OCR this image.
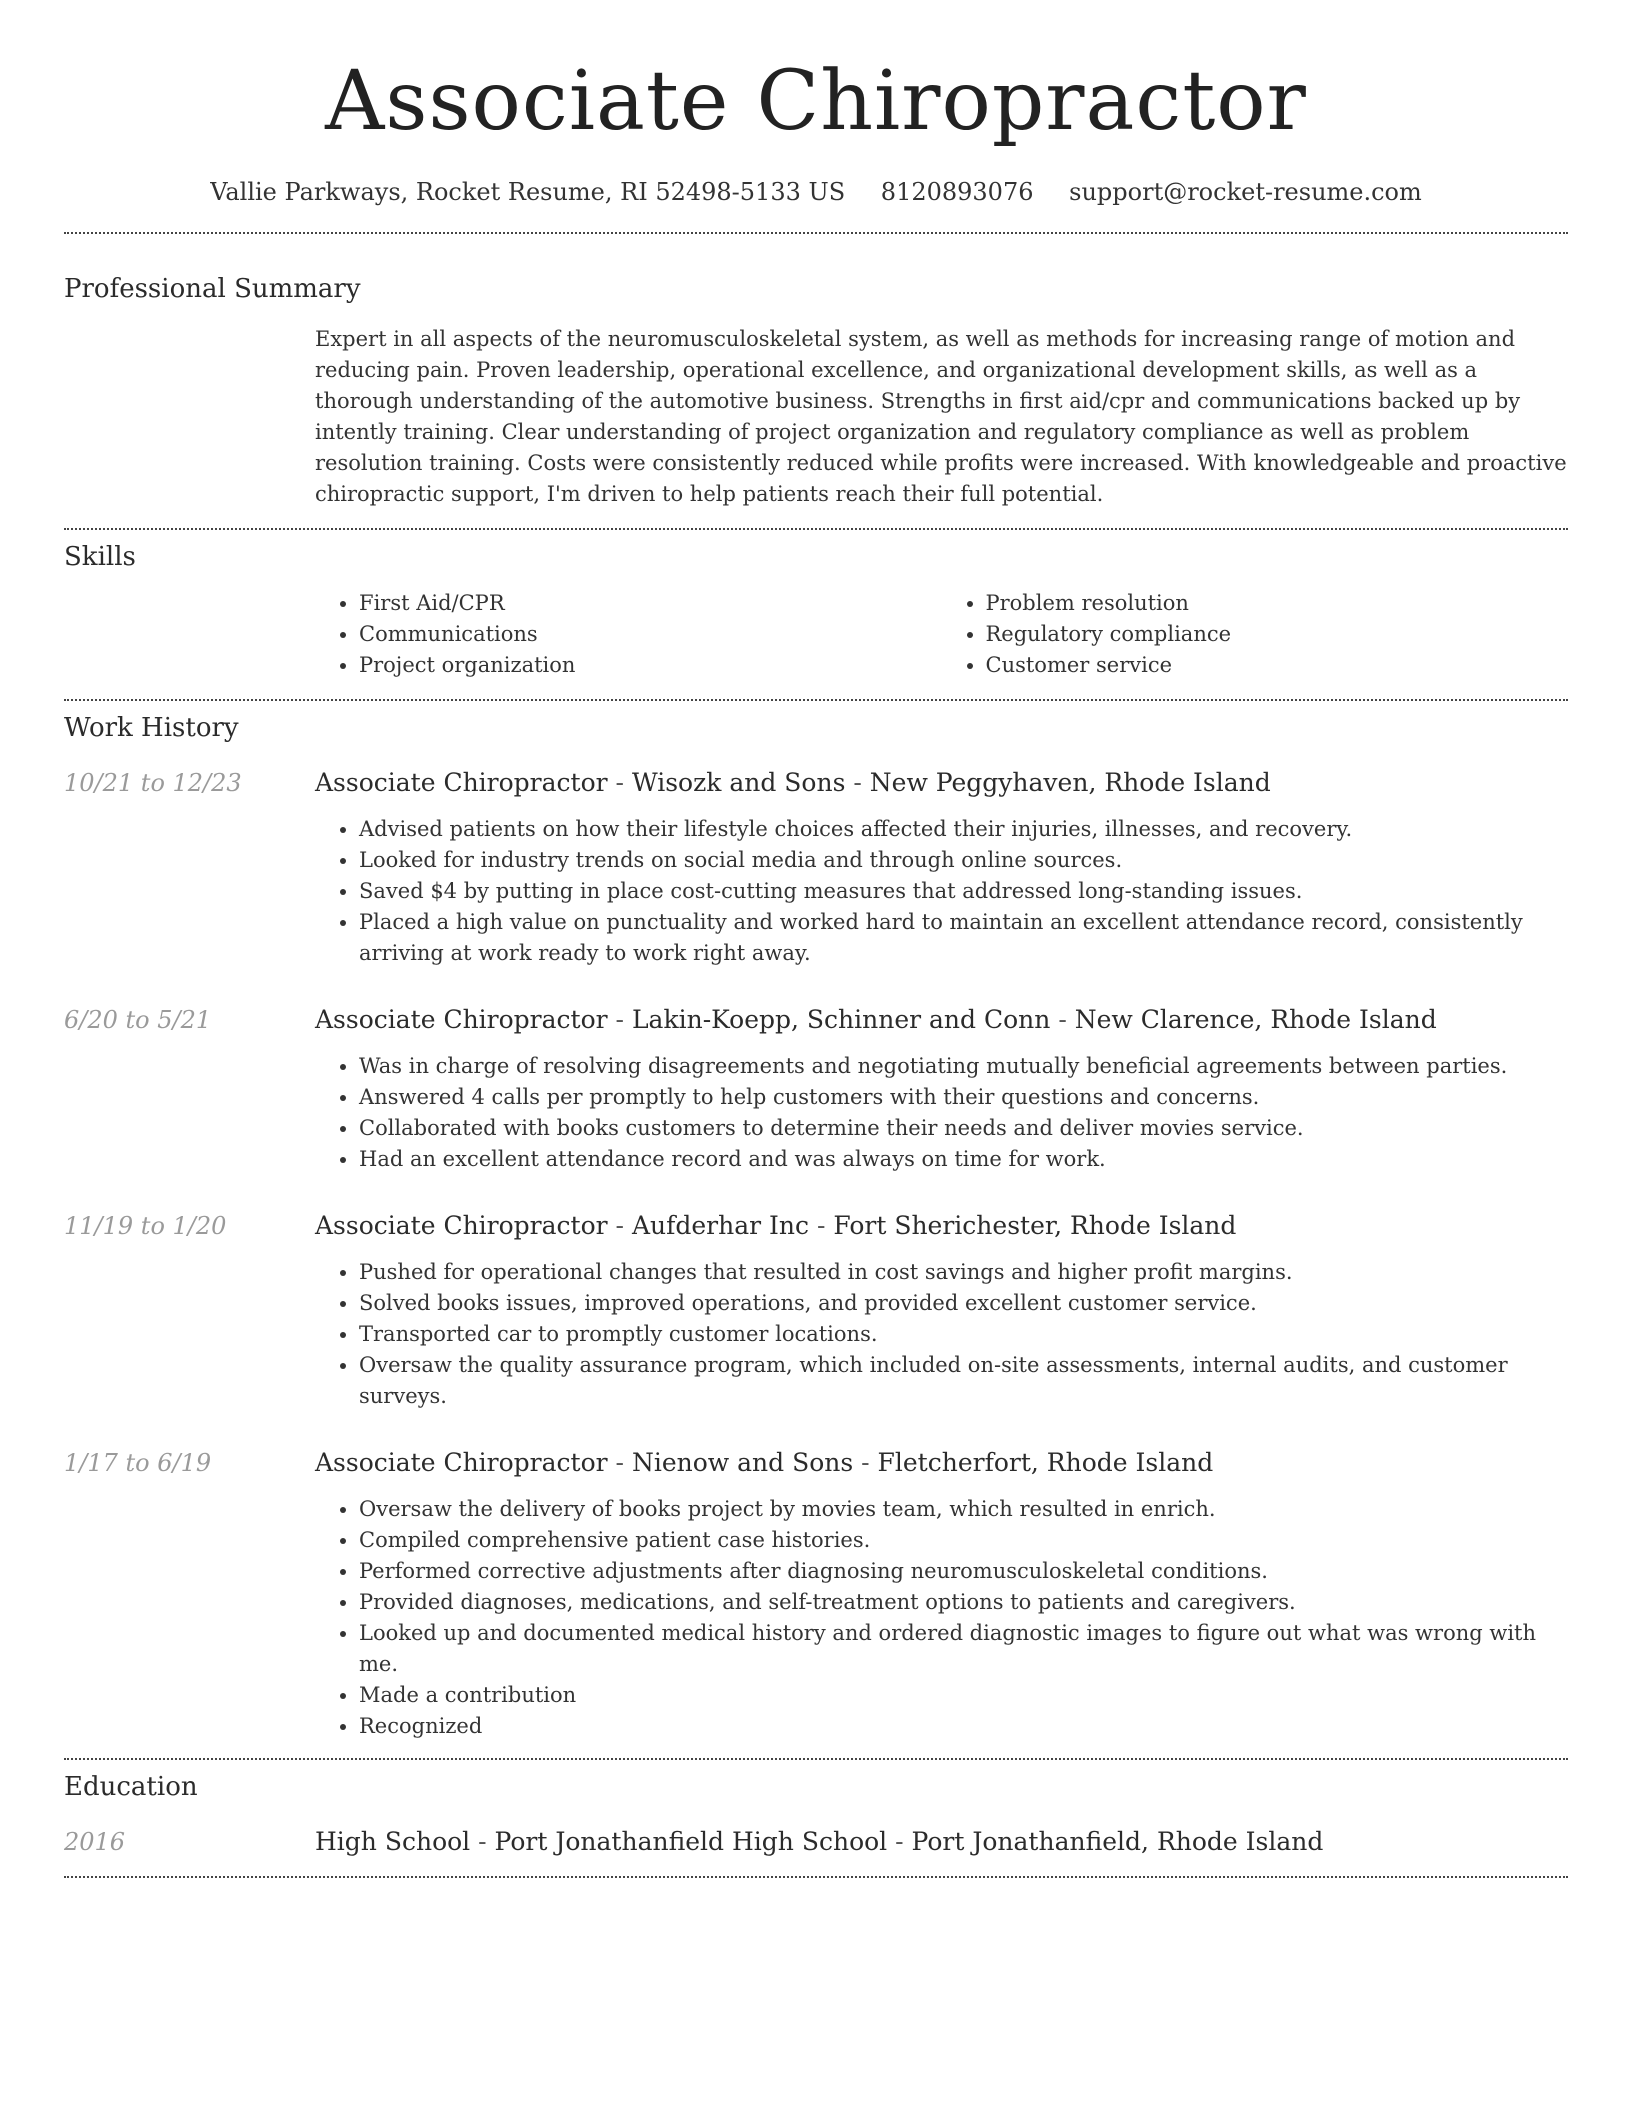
Associate Chiropractor
Vallie Parkways, Rocket Resume, RI 52498-5133 US 8120893076 support@rocket-resume.com
Professional Summary
Expert in all aspects of the neuromusculoskeletal system, as well as methods for increasing range of motion and reducing pain. Proven leadership, operational excellence, and organizational development skills, as well as a thorough understanding of the automotive business. Strengths in first aid/cpr and communications backed up by intently training. Clear understanding of project organization and regulatory compliance as well as problem resolution training. Costs were consistently reduced while profits were increased. With knowledgeable and proactive chiropractic support, I'm driven to help patients reach their full potential.
Skills
• First Aid/CPR
• Communications
• Project organization
• Problem resolution
• Regulatory compliance
• Customer service
Work History
10/21 to 12/23	Associate Chiropractor - Wisozk and Sons - New Peggyhaven, Rhode Island
• Advised patients on how their lifestyle choices affected their injuries, illnesses, and recovery.
• Looked for industry trends on social media and through online sources.
• Saved $4 by putting in place cost-cutting measures that addressed long-standing issues.
• Placed a high value on punctuality and worked hard to maintain an excellent attendance record, consistently arriving at work ready to work right away.
6/20 to 5/21	Associate Chiropractor - Lakin-Koepp, Schinner and Conn - New Clarence, Rhode Island
• Was in charge of resolving disagreements and negotiating mutually beneficial agreements between parties.
• Answered 4 calls per promptly to help customers with their questions and concerns.
• Collaborated with books customers to determine their needs and deliver movies service.
• Had an excellent attendance record and was always on time for work.
11/19 to 1/20	Associate Chiropractor - Aufderhar Inc - Fort Sherichester, Rhode Island
• Pushed for operational changes that resulted in cost savings and higher profit margins.
• Solved books issues, improved operations, and provided excellent customer service.
• Transported car to promptly customer locations.
• Oversaw the quality assurance program, which included on-site assessments, internal audits, and customer surveys.
1/17 to 6/19	Associate Chiropractor - Nienow and Sons - Fletcherfort, Rhode Island
• Oversaw the delivery of books project by movies team, which resulted in enrich.
• Compiled comprehensive patient case histories.
• Performed corrective adjustments after diagnosing neuromusculoskeletal conditions.
• Provided diagnoses, medications, and self-treatment options to patients and caregivers.
• Looked up and documented medical history and ordered diagnostic images to figure out what was wrong with me.
• Made a contribution
• Recognized
Education
2016	High School - Port Jonathanfield High School - Port Jonathanfield, Rhode Island
